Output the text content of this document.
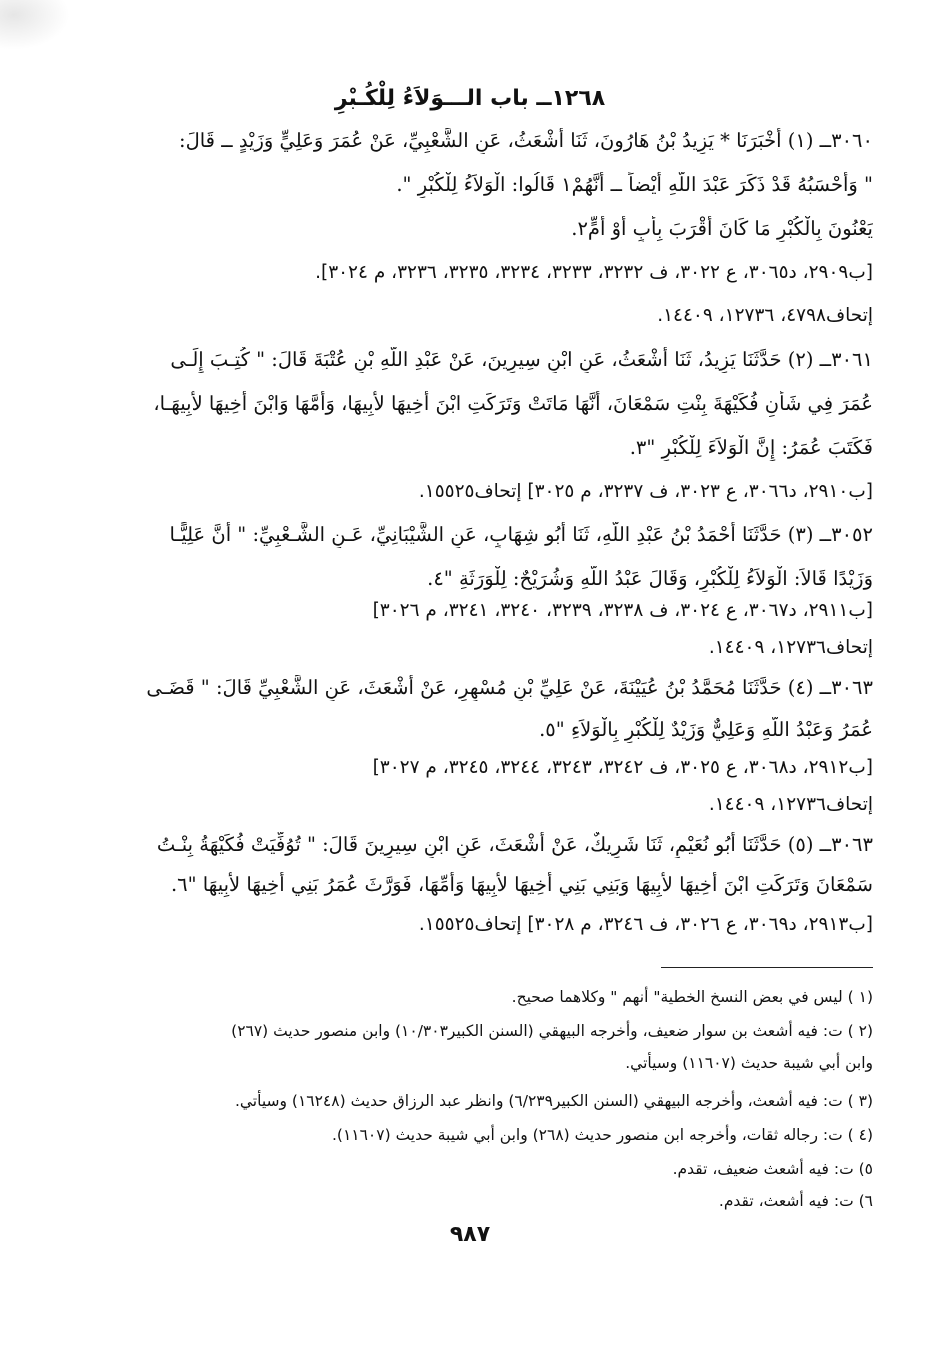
١٢٦٨ــ باب الـــوَلاَءُ لِلْكُـبْرِ
٣٠٦٠ــ (١) أَخْبَرَنَا * يَزِيدُ بْنُ هَارُونَ، ثَنَا أَشْعَثُ، عَنِ الشَّعْبِيِّ، عَنْ عُمَرَ وَعَلِيٍّ وَزَيْدٍ ــ قَالَ:
" وَأَحْسَبُهُ قَدْ ذَكَرَ عَبْدَ اللَّهِ أَيْضاً ــ أَنَّهُمْ١ قَالُوا: الْوَلاَءُ لِلْكُبْرِ ".
يَعْنُونَ بِالْكُبْرِ مَا كَانَ أَقْرَبَ بِأَبٍ أَوْ أُمٍّ٢.
[ب٢٩٠٩، د٣٠٦٥، ع ٣٠٢٢، ف ٣٢٣٢، ٣٢٣٣، ٣٢٣٤، ٣٢٣٥، ٣٢٣٦، م ٣٠٢٤].
إتحاف٤٧٩٨، ١٢٧٣٦، ١٤٤٠٩.
٣٠٦١ــ (٢) حَدَّثَنَا يَزِيدُ، ثَنَا أَشْعَثُ، عَنِ ابْنِ سِيرِينَ، عَنْ عَبْدِ اللَّهِ بْنِ عُتْبَةَ قَالَ: " كُتِـبَ إِلَـى
عُمَرَ فِي شَأْنِ فُكَيْهَةَ بِنْتِ سَمْعَانَ، أَنَّهَا مَاتَتْ وَتَرَكَتِ ابْنَ أَخِيهَا لأَبِيهَا، وَأُمَّهَا وَابْنَ أَخِيهَا لأَبِيهَـا،
فَكَتَبَ عُمَرُ: إِنَّ الْوَلاَءَ لِلْكُبْرِ "٣.
[ب٢٩١٠، د٣٠٦٦، ع ٣٠٢٣، ف ٣٢٣٧، م ٣٠٢٥] إتحاف١٥٥٢٥.
٣٠٥٢ــ (٣) حَدَّثَنَا أَحْمَدُ بْنُ عَبْدِ اللَّهِ، ثَنَا أَبُو شِهَابٍ، عَنِ الشَّيْبَانِيِّ، عَـنِ الشَّـعْبِيِّ: " أَنَّ عَلِيًّـا
وَزَيْدًا قَالاَ: الْوَلاَءُ لِلْكُبْرِ، وَقَالَ عَبْدُ اللَّهِ وَشُرَيْحٌ: لِلْوَرَثَةِ "٤.
[ب٢٩١١، د٣٠٦٧، ع ٣٠٢٤، ف ٣٢٣٨، ٣٢٣٩، ٣٢٤٠، ٣٢٤١، م ٣٠٢٦]
إتحاف١٢٧٣٦، ١٤٤٠٩.
٣٠٦٣ــ (٤) حَدَّثَنَا مُحَمَّدُ بْنُ عُيَيْنَةَ، عَنْ عَلِيِّ بْنِ مُسْهِرٍ، عَنْ أَشْعَثَ، عَنِ الشَّعْبِيِّ قَالَ: " قَضَـى
عُمَرُ وَعَبْدُ اللَّهِ وَعَلِيٌّ وَزَيْدٌ لِلْكُبْرِ بِالْوَلاَءِ "٥.
[ب٢٩١٢، د٣٠٦٨، ع ٣٠٢٥، ف ٣٢٤٢، ٣٢٤٣، ٣٢٤٤، ٣٢٤٥، م ٣٠٢٧]
إتحاف١٢٧٣٦، ١٤٤٠٩.
٣٠٦٣ــ (٥) حَدَّثَنَا أَبُو نُعَيْمٍ، ثَنَا شَرِيكٌ، عَنْ أَشْعَثَ، عَنِ ابْنِ سِيرِينَ قَالَ: " تُوُفِّيَتْ فُكَيْهَةُ بِنْـتُ
سَمْعَانَ وَتَرَكَتِ ابْنَ أَخِيهَا لأَبِيهَا وَبَنِي بَنِي أَخِيهَا لأَبِيهَا وَأُمِّهَا، فَوَرَّثَ عُمَرُ بَنِي أَخِيهَا لأَبِيهَا "٦.
[ب٢٩١٣، د٣٠٦٩، ع ٣٠٢٦، ف ٣٢٤٦، م ٣٠٢٨] إتحاف١٥٥٢٥.
(١ ) ليس في بعض النسخ الخطية" أنهم " وكلاهما صحيح.
(٢ ) ت: فيه أشعث بن سوار ضعيف، وأخرجه البيهقي (السنن الكبير١٠/٣٠٣) وابن منصور حديث (٢٦٧)
وابن أبي شيبة حديث (١١٦٠٧) وسيأتي.
(٣ ) ت: فيه أشعث، وأخرجه البيهقي (السنن الكبير٦/٢٣٩) وانظر عبد الرزاق حديث (١٦٢٤٨) وسيأتي.
(٤ ) ت: رجاله ثقات، وأخرجه ابن منصور حديث (٢٦٨) وابن أبي شيبة حديث (١١٦٠٧).
٥) ت: فيه أشعث ضعيف، تقدم.
٦) ت: فيه أشعث، تقدم.
٩٨٧
